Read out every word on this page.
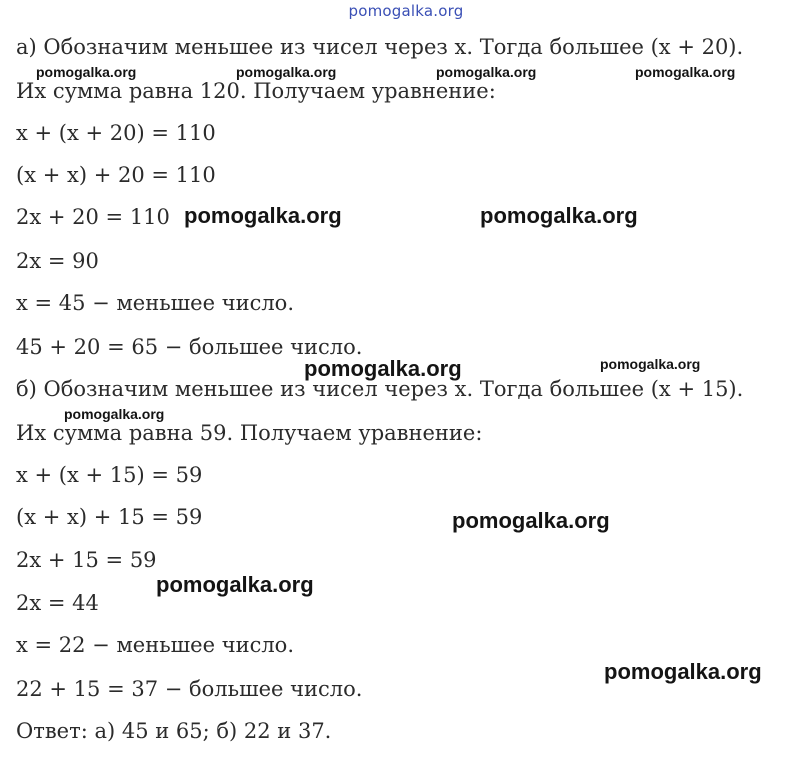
pomogalka.org
а) Обозначим меньшее из чисел через x. Тогда большее (x + 20).
Их сумма равна 120. Получаем уравнение:
x + (x + 20) = 110
(x + x) + 20 = 110
2x + 20 = 110
2x = 90
x = 45 − меньшее число.
45 + 20 = 65 − большее число.
б) Обозначим меньшее из чисел через x. Тогда большее (x + 15).
Их сумма равна 59. Получаем уравнение:
x + (x + 15) = 59
(x + x) + 15 = 59
2x + 15 = 59
2x = 44
x = 22 − меньшее число.
22 + 15 = 37 − большее число.
Ответ: а) 45 и 65; б) 22 и 37.
pomogalka.org	pomogalka.org	pomogalka.org	pomogalka.org
pomogalka.org	pomogalka.org
pomogalka.org	pomogalka.org
pomogalka.org
pomogalka.org
pomogalka.org
pomogalka.org
